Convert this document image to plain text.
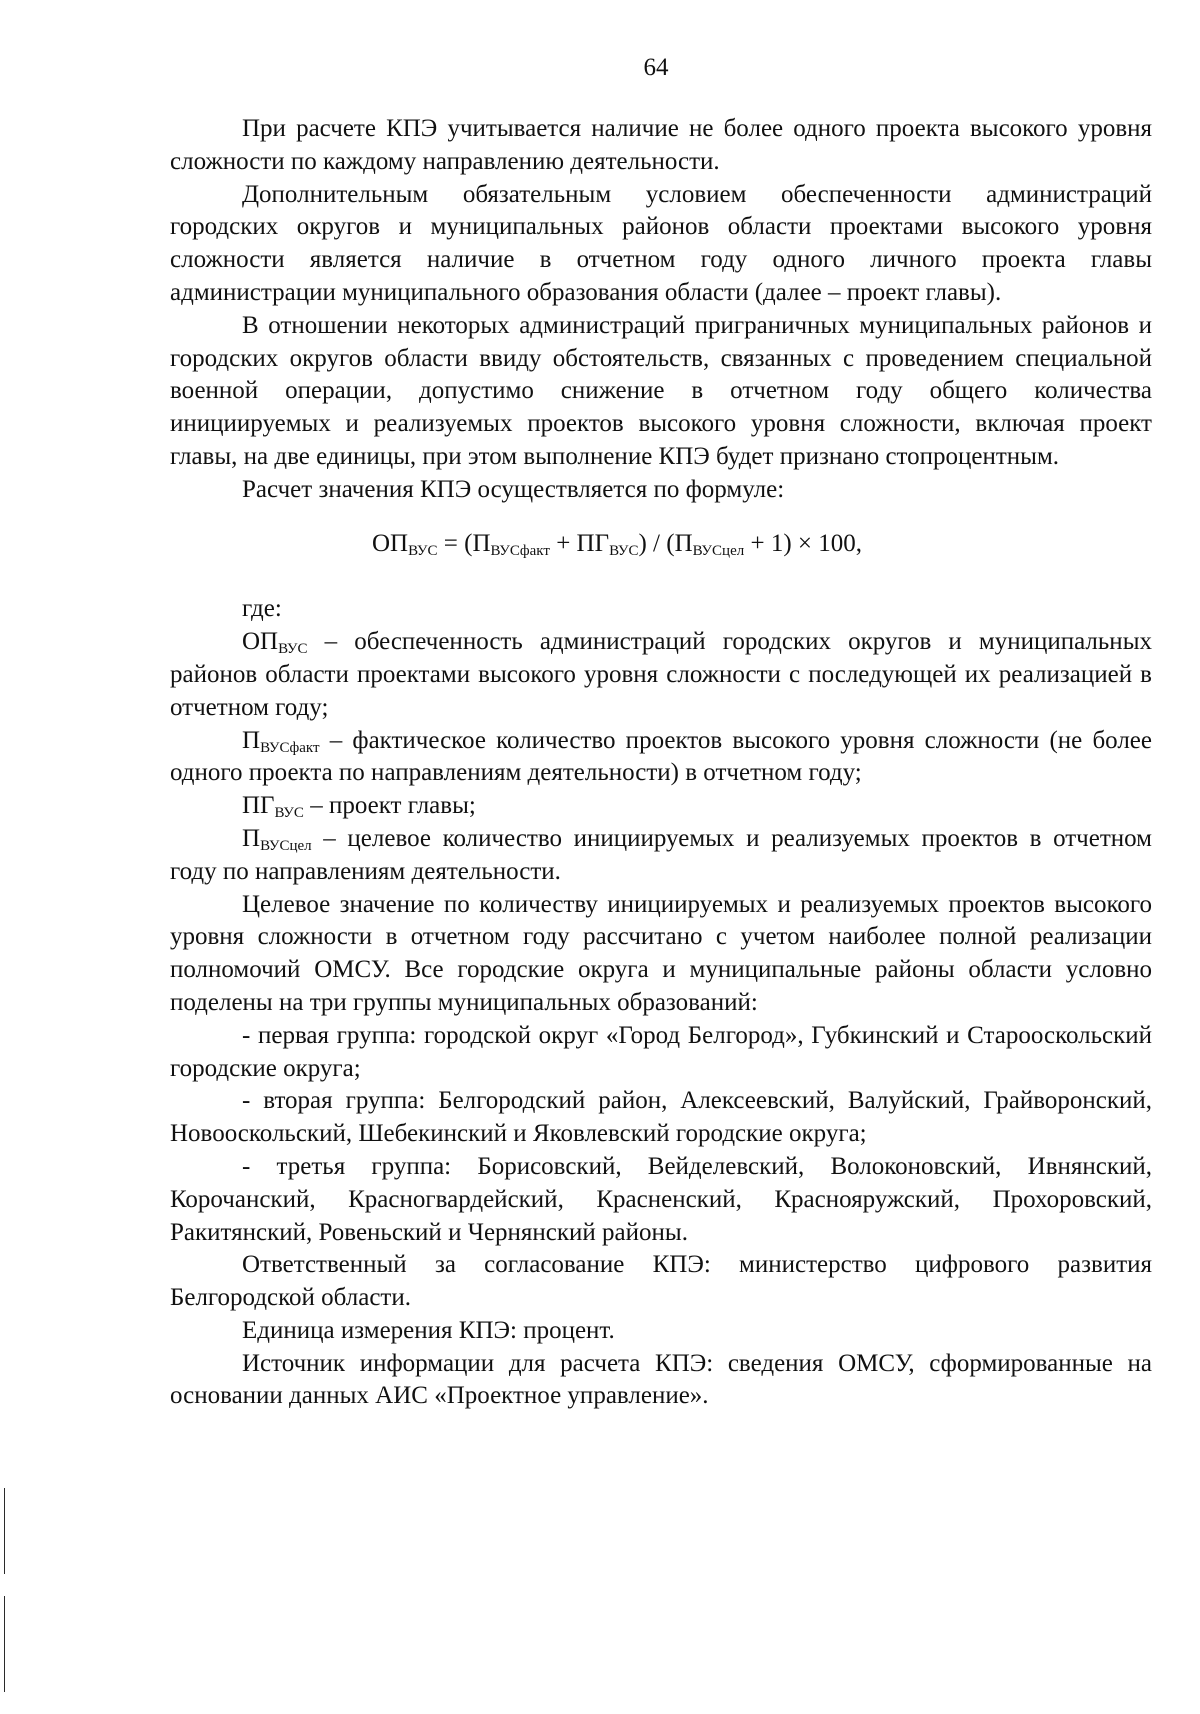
64

При расчете КПЭ учитывается наличие не более одного проекта высокого уровня сложности по каждому направлению деятельности.

Дополнительным обязательным условием обеспеченности администраций городских округов и муниципальных районов области проектами высокого уровня сложности является наличие в отчетном году одного личного проекта главы администрации муниципального образования области (далее – проект главы).

В отношении некоторых администраций приграничных муниципальных районов и городских округов области ввиду обстоятельств, связанных с проведением специальной военной операции, допустимо снижение в отчетном году общего количества инициируемых и реализуемых проектов высокого уровня сложности, включая проект главы, на две единицы, при этом выполнение КПЭ будет признано стопроцентным.

Расчет значения КПЭ осуществляется по формуле:

$ОП_{ВУС} = (П_{ВУСфакт} + ПГ_{ВУС}) / (П_{ВУСцел} + 1) \times 100$,

где:

$ОП_{ВУС}$ – обеспеченность администраций городских округов и муниципальных районов области проектами высокого уровня сложности с последующей их реализацией в отчетном году;

$П_{ВУСфакт}$ – фактическое количество проектов высокого уровня сложности (не более одного проекта по направлениям деятельности) в отчетном году;

$ПГ_{ВУС}$ – проект главы;

$П_{ВУСцел}$ – целевое количество инициируемых и реализуемых проектов в отчетном году по направлениям деятельности.

Целевое значение по количеству инициируемых и реализуемых проектов высокого уровня сложности в отчетном году рассчитано с учетом наиболее полной реализации полномочий ОМСУ. Все городские округа и муниципальные районы области условно поделены на три группы муниципальных образований:

- первая группа: городской округ «Город Белгород», Губкинский и Старооскольский городские округа;

- вторая группа: Белгородский район, Алексеевский, Валуйский, Грайворонский, Новооскольский, Шебекинский и Яковлевский городские округа;

- третья группа: Борисовский, Вейделевский, Волоконовский, Ивнянский, Корочанский, Красногвардейский, Красненский, Краснояружский, Прохоровский, Ракитянский, Ровеньский и Чернянский районы.

Ответственный за согласование КПЭ: министерство цифрового развития Белгородской области.

Единица измерения КПЭ: процент.

Источник информации для расчета КПЭ: сведения ОМСУ, сформированные на основании данных АИС «Проектное управление».
